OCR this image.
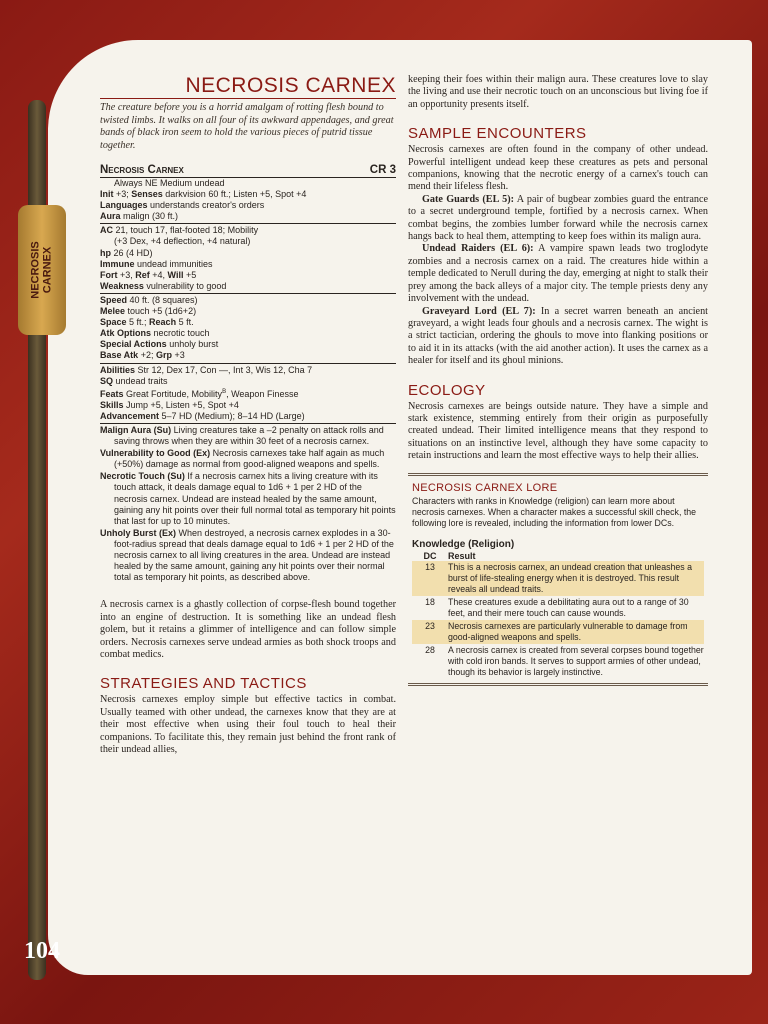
NECROSIS
CARNEX
104
NECROSIS CARNEX
The creature before you is a horrid amalgam of rotting flesh bound to twisted limbs. It walks on all four of its awkward appendages, and great bands of black iron seem to hold the various pieces of putrid tissue together.
Necrosis Carnex	CR 3
Always NE Medium undead
Init +3; Senses darkvision 60 ft.; Listen +5, Spot +4
Languages understands creator's orders
Aura malign (30 ft.)
AC 21, touch 17, flat-footed 18; Mobility
(+3 Dex, +4 deflection, +4 natural)
hp 26 (4 HD)
Immune undead immunities
Fort +3, Ref +4, Will +5
Weakness vulnerability to good
Speed 40 ft. (8 squares)
Melee touch +5 (1d6+2)
Space 5 ft.; Reach 5 ft.
Atk Options necrotic touch
Special Actions unholy burst
Base Atk +2; Grp +3
Abilities Str 12, Dex 17, Con —, Int 3, Wis 12, Cha 7
SQ undead traits
Feats Great Fortitude, Mobility$^B$, Weapon Finesse
Skills Jump +5, Listen +5, Spot +4
Advancement 5–7 HD (Medium); 8–14 HD (Large)
Malign Aura (Su) Living creatures take a –2 penalty on attack rolls and saving throws when they are within 30 feet of a necrosis carnex.
Vulnerability to Good (Ex) Necrosis carnexes take half again as much (+50%) damage as normal from good-aligned weapons and spells.
Necrotic Touch (Su) If a necrosis carnex hits a living creature with its touch attack, it deals damage equal to 1d6 + 1 per 2 HD of the necrosis carnex. Undead are instead healed by the same amount, gaining any hit points over their full normal total as temporary hit points that last for up to 10 minutes.
Unholy Burst (Ex) When destroyed, a necrosis carnex explodes in a 30-foot-radius spread that deals damage equal to 1d6 + 1 per 2 HD of the necrosis carnex to all living creatures in the area. Undead are instead healed by the same amount, gaining any hit points over their normal total as temporary hit points, as described above.
A necrosis carnex is a ghastly collection of corpse-flesh bound together into an engine of destruction. It is something like an undead flesh golem, but it retains a glimmer of intelligence and can follow simple orders. Necrosis carnexes serve undead armies as both shock troops and combat medics.
STRATEGIES AND TACTICS
Necrosis carnexes employ simple but effective tactics in combat. Usually teamed with other undead, the carnexes know that they are at their most effective when using their foul touch to heal their companions. To facilitate this, they remain just behind the front rank of their undead allies,
keeping their foes within their malign aura. These creatures love to slay the living and use their necrotic touch on an unconscious but living foe if an opportunity presents itself.
SAMPLE ENCOUNTERS
Necrosis carnexes are often found in the company of other undead. Powerful intelligent undead keep these creatures as pets and personal companions, knowing that the necrotic energy of a carnex's touch can mend their lifeless flesh.
Gate Guards (EL 5): A pair of bugbear zombies guard the entrance to a secret underground temple, fortified by a necrosis carnex. When combat begins, the zombies lumber forward while the necrosis carnex hangs back to heal them, attempting to keep foes within its malign aura.
Undead Raiders (EL 6): A vampire spawn leads two troglodyte zombies and a necrosis carnex on a raid. The creatures hide within a temple dedicated to Nerull during the day, emerging at night to stalk their prey among the back alleys of a major city. The temple priests deny any involvement with the undead.
Graveyard Lord (EL 7): In a secret warren beneath an ancient graveyard, a wight leads four ghouls and a necrosis carnex. The wight is a strict tactician, ordering the ghouls to move into flanking positions or to aid it in its attacks (with the aid another action). It uses the carnex as a healer for itself and its ghoul minions.
ECOLOGY
Necrosis carnexes are beings outside nature. They have a simple and stark existence, stemming entirely from their origin as purposefully created undead. Their limited intelligence means that they respond to situations on an instinctive level, although they have some capacity to retain instructions and learn the most effective ways to help their allies.
NECROSIS CARNEX LORE
Characters with ranks in Knowledge (religion) can learn more about necrosis carnexes. When a character makes a successful skill check, the following lore is revealed, including the information from lower DCs.
Knowledge (Religion)
DC	Result
13	This is a necrosis carnex, an undead creation that unleashes a burst of life-stealing energy when it is destroyed. This result reveals all undead traits.
18	These creatures exude a debilitating aura out to a range of 30 feet, and their mere touch can cause wounds.
23	Necrosis carnexes are particularly vulnerable to damage from good-aligned weapons and spells.
28	A necrosis carnex is created from several corpses bound together with cold iron bands. It serves to support armies of other undead, though its behavior is largely instinctive.
